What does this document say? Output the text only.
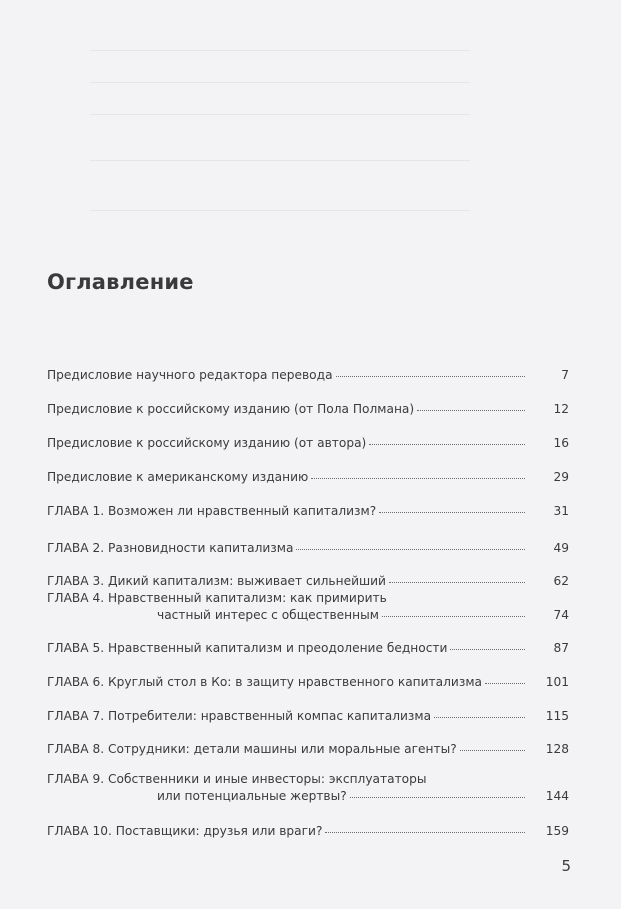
Оглавление
Предисловие научного редактора перевода	7
Предисловие к российскому изданию (от Пола Полмана)	12
Предисловие к российскому изданию (от автора)	16
Предисловие к американскому изданию	29
ГЛАВА 1. Возможен ли нравственный капитализм?	31
ГЛАВА 2. Разновидности капитализма	49
ГЛАВА 3. Дикий капитализм: выживает сильнейший	62
ГЛАВА 4. Нравственный капитализм: как примирить
частный интерес с общественным	74
ГЛАВА 5. Нравственный капитализм и преодоление бедности	87
ГЛАВА 6. Круглый стол в Ко: в защиту нравственного капитализма	101
ГЛАВА 7. Потребители: нравственный компас капитализма	115
ГЛАВА 8. Сотрудники: детали машины или моральные агенты?	128
ГЛАВА 9. Собственники и иные инвесторы: эксплуататоры
или потенциальные жертвы?	144
ГЛАВА 10. Поставщики: друзья или враги?	159
5
